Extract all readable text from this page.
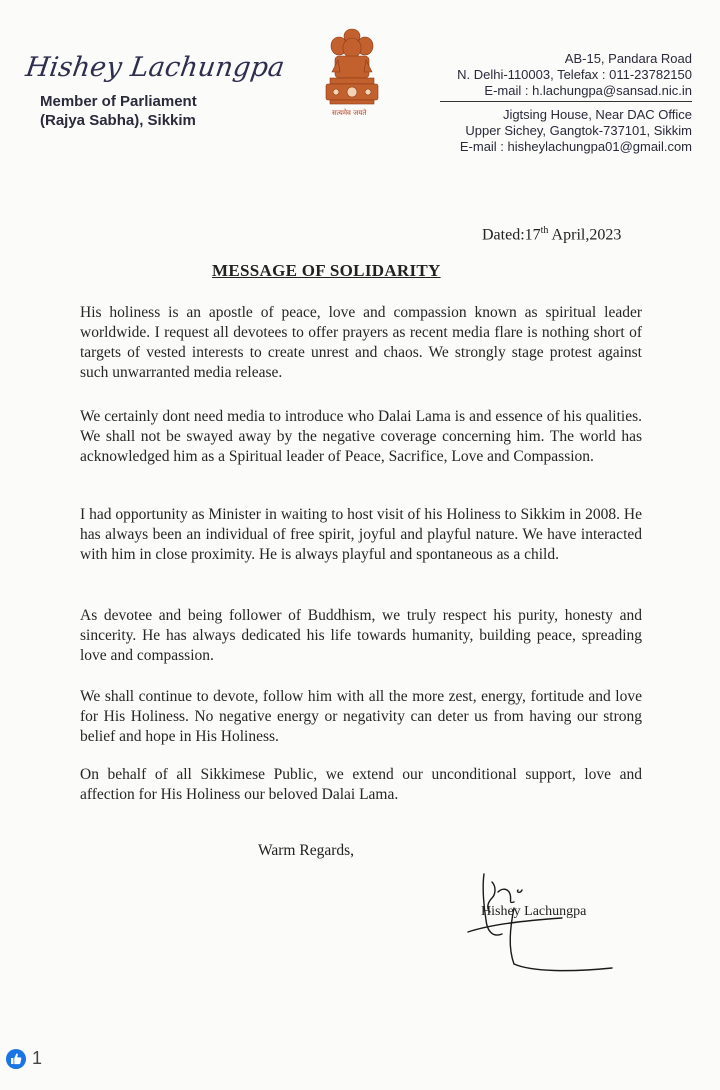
Hishey Lachungpa
Member of Parliament
(Rajya Sabha), Sikkim	सत्यमेव जयते
AB-15, Pandara Road
N. Delhi-110003, Telefax : 011-23782150
E-mail : h.lachungpa@sansad.nic.in
Jigtsing House, Near DAC Office
Upper Sichey, Gangtok-737101, Sikkim
E-mail : hisheylachungpa01@gmail.com
Dated:17th April,2023
MESSAGE OF SOLIDARITY
His holiness is an apostle of peace, love and compassion known as spiritual leader worldwide. I request all devotees to offer prayers as recent media flare is nothing short of targets of vested interests to create unrest and chaos. We strongly stage protest against such unwarranted media release.
We certainly dont need media to introduce who Dalai Lama is and essence of his qualities. We shall not be swayed away by the negative coverage concerning him. The world has acknowledged him as a Spiritual leader of Peace, Sacrifice, Love and Compassion.
I had opportunity as Minister in waiting to host visit of his Holiness to Sikkim in 2008. He has always been an individual of free spirit, joyful and playful nature. We have interacted with him in close proximity. He is always playful and spontaneous as a child.
As devotee and being follower of Buddhism, we truly respect his purity, honesty and sincerity. He has always dedicated his life towards humanity, building peace, spreading love and compassion.
We shall continue to devote, follow him with all the more zest, energy, fortitude and love for His Holiness. No negative energy or negativity can deter us from having our strong belief and hope in His Holiness.
On behalf of all Sikkimese Public, we extend our unconditional support, love and affection for His Holiness our beloved Dalai Lama.
Warm Regards,
Hishey Lachungpa
1
